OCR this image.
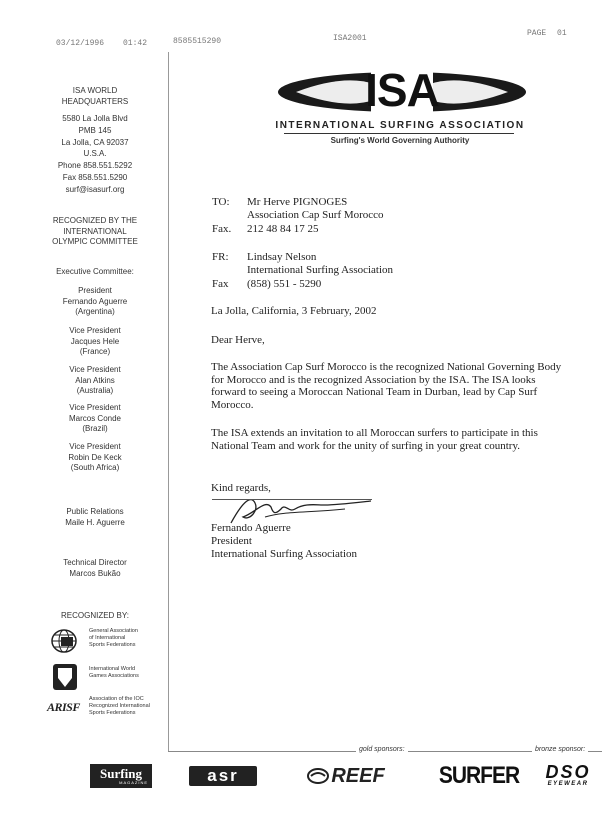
03/12/1996 01:42	8585515290	ISA2001
PAGE 01
ISA WORLD
HEADQUARTERS
5580 La Jolla Blvd
PMB 145
La Jolla, CA 92037
U.S.A.
Phone 858.551.5292
Fax 858.551.5290
surf@isasurf.org
RECOGNIZED BY THE
INTERNATIONAL
OLYMPIC COMMITTEE
Executive Committee:
President
Fernando Aguerre
(Argentina)
Vice President
Jacques Hele
(France)
Vice President
Alan Atkins
(Australia)
Vice President
Marcos Conde
(Brazil)
Vice President
Robin De Keck
(South Africa)
Public Relations
Maile H. Aguerre
Technical Director
Marcos Bukão
RECOGNIZED BY:
General Association
of International
Sports Federations
International World
Games Associations
ARISF
Association of the IOC
Recognized International
Sports Federations
ISA
INTERNATIONAL SURFING ASSOCIATION
Surfing's World Governing Authority
TO: Mr Herve PIGNOGES
Association Cap Surf Morocco
Fax. 212 48 84 17 25
FR: Lindsay Nelson
International Surfing Association
Fax (858) 551 - 5290
La Jolla, California, 3 February, 2002
Dear Herve,
The Association Cap Surf Morocco is the recognized National Governing Body for Morocco and is the recognized Association by the ISA. The ISA looks forward to seeing a Moroccan National Team in Durban, lead by Cap Surf Morocco.
The ISA extends an invitation to all Moroccan surfers to participate in this National Team and work for the unity of surfing in your great country.
Kind regards,
Fernando Aguerre
President
International Surfing Association
gold sponsors:	bronze sponsor:
Surfing
MAGAZINE	asr	REEF	SURFER DSO
EYEWEAR
